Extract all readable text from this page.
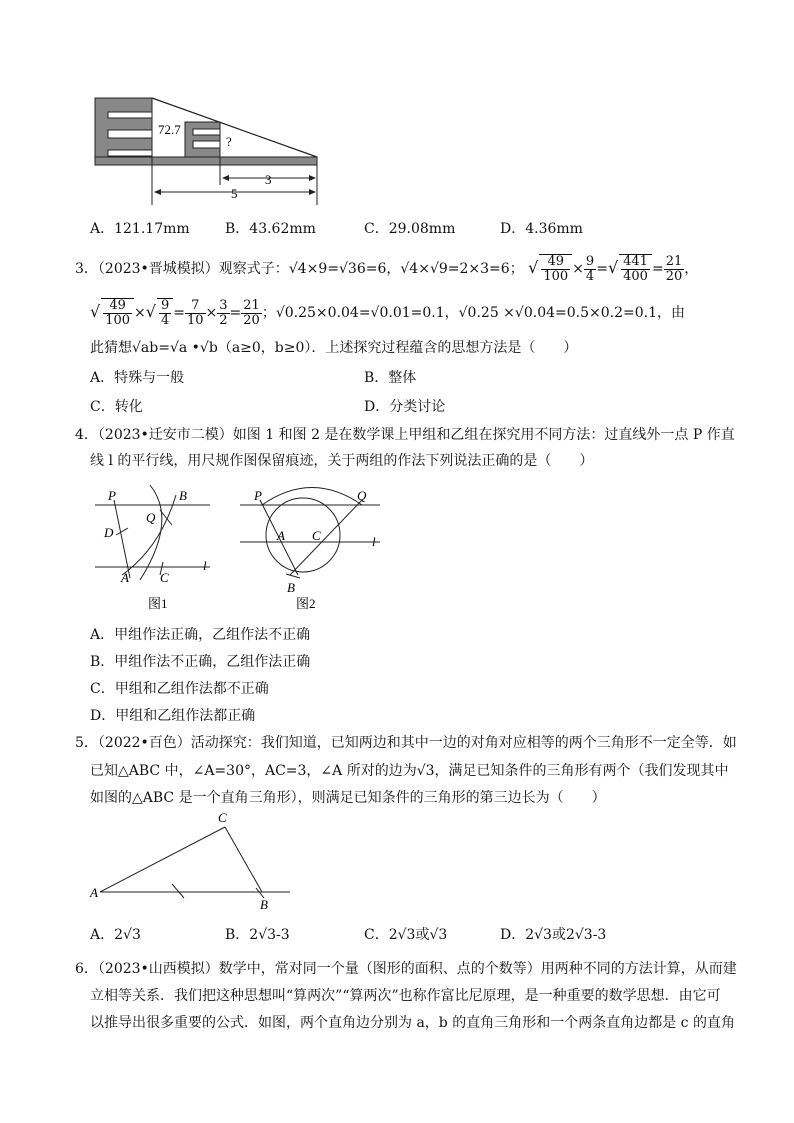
72.7
?
3
5
A．121.17mm	B．43.62mm	C．29.08mm	D．4.36mm
3．（2023•晋城模拟）观察式子：√4×9=√36=6，√4×√9=2×3=6； √ $\frac{49}{100} \times \frac{9}{4}$ =√ $\frac{441}{400} = \frac{21}{20}$ ，
√ $\frac{49}{100}$ ×√ $\frac{9}{4} = \frac{7}{10} \times \frac{3}{2} = \frac{21}{20}$ ；√0.25×0.04=√0.01=0.1，√0.25 ×√0.04=0.5×0.2=0.1，由
此猜想√ab=√a •√b（a≥0，b≥0）．上述探究过程蕴含的思想方法是（　　）
A．特殊与一般	B．整体
C．转化	D．分类讨论
4．（2023•迁安市二模）如图 1 和图 2 是在数学课上甲组和乙组在探究用不同方法：过直线外一点 P 作直
线 l 的平行线，用尺规作图保留痕迹，关于两组的作法下列说法正确的是（　　）
P	B
Q
D
A C
l
图1
P	Q
A C
B
l
图2
A．甲组作法正确，乙组作法不正确
B．甲组作法不正确，乙组作法正确
C．甲组和乙组作法都不正确
D．甲组和乙组作法都正确
5．（2022•百色）活动探究：我们知道，已知两边和其中一边的对角对应相等的两个三角形不一定全等．如
已知△ABC 中，∠A=30°，AC=3，∠A 所对的边为√3，满足已知条件的三角形有两个（我们发现其中
如图的△ABC 是一个直角三角形），则满足已知条件的三角形的第三边长为（　　）
A
B
C
A．2√3	B．2√3-3	C．2√3或√3	D．2√3或2√3-3
6．（2023•山西模拟）数学中，常对同一个量（图形的面积、点的个数等）用两种不同的方法计算，从而建
立相等关系．我们把这种思想叫“算两次”“算两次”也称作富比尼原理，是一种重要的数学思想．由它可
以推导出很多重要的公式．如图，两个直角边分别为 a，b 的直角三角形和一个两条直角边都是 c 的直角
